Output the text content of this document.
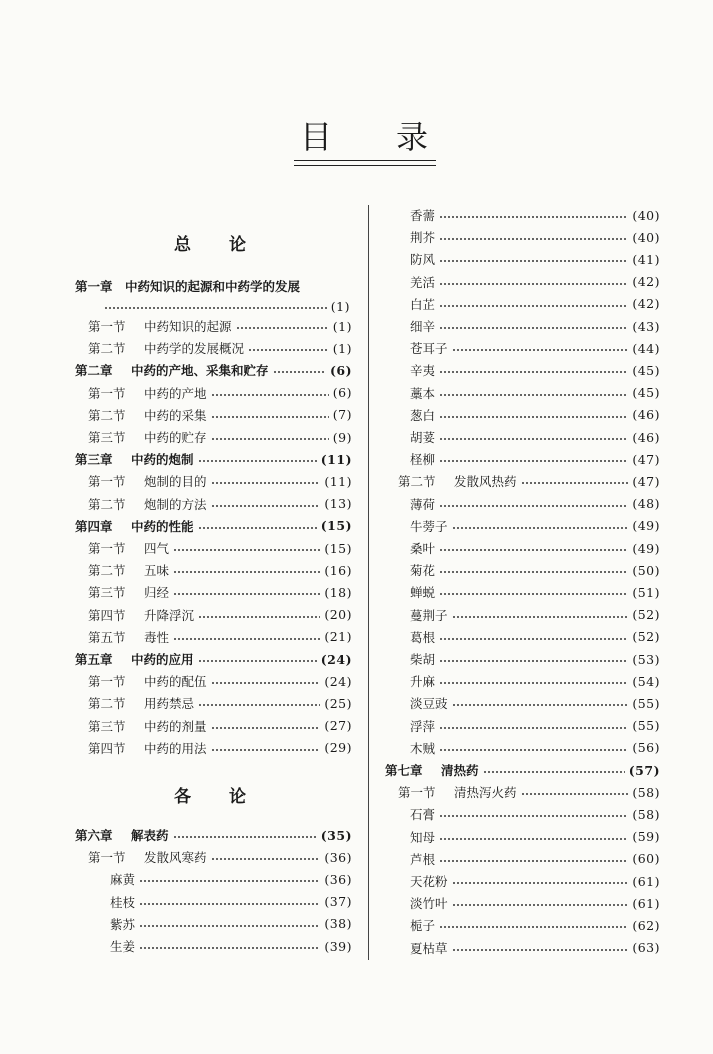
目 录
总论
第一章　中药知识的起源和中药学的发展
(1)
第一节 中药知识的起源	(1)
第二节 中药学的发展概况	(1)
第二章 中药的产地、采集和贮存	(6)
第一节 中药的产地	(6)
第二节 中药的采集	(7)
第三节 中药的贮存	(9)
第三章 中药的炮制	(11)
第一节 炮制的目的	(11)
第二节 炮制的方法	(13)
第四章 中药的性能	(15)
第一节 四气	(15)
第二节 五味	(16)
第三节 归经	(18)
第四节 升降浮沉	(20)
第五节 毒性	(21)
第五章 中药的应用	(24)
第一节 中药的配伍	(24)
第二节 用药禁忌	(25)
第三节 中药的剂量	(27)
第四节 中药的用法	(29)
各论
第六章 解表药	(35)
第一节 发散风寒药	(36)
麻黄	(36)
桂枝	(37)
紫苏	(38)
生姜	(39)
香薷	(40)
荆芥	(40)
防风	(41)
羌活	(42)
白芷	(42)
细辛	(43)
苍耳子	(44)
辛夷	(45)
藁本	(45)
葱白	(46)
胡荽	(46)
柽柳	(47)
第二节 发散风热药	(47)
薄荷	(48)
牛蒡子	(49)
桑叶	(49)
菊花	(50)
蝉蜕	(51)
蔓荆子	(52)
葛根	(52)
柴胡	(53)
升麻	(54)
淡豆豉	(55)
浮萍	(55)
木贼	(56)
第七章 清热药	(57)
第一节 清热泻火药	(58)
石膏	(58)
知母	(59)
芦根	(60)
天花粉	(61)
淡竹叶	(61)
栀子	(62)
夏枯草	(63)
